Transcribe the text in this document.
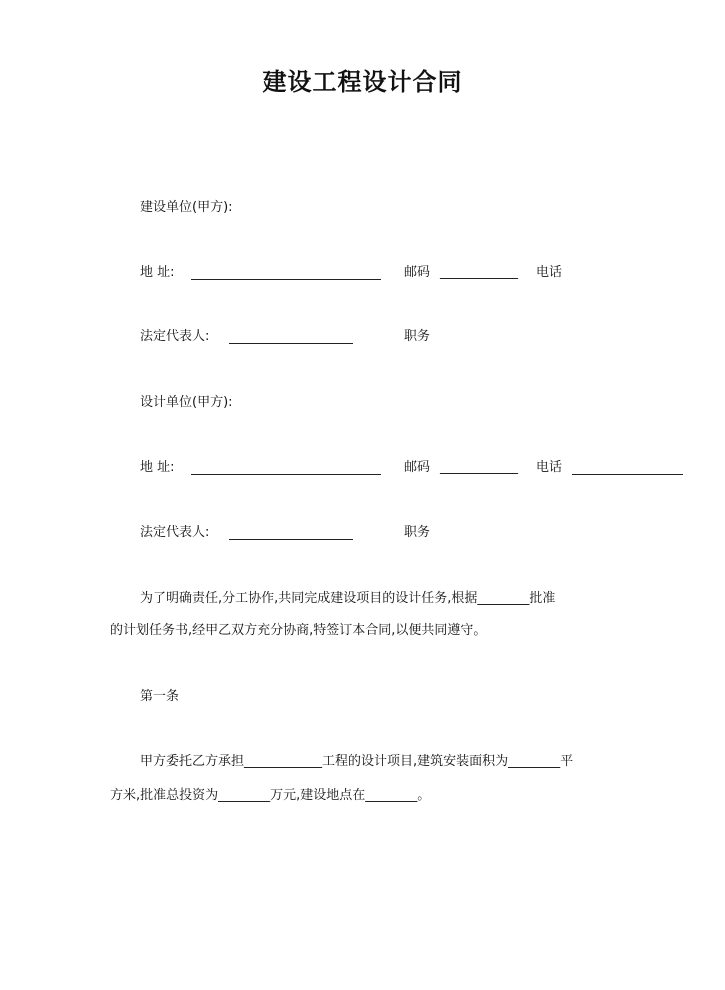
建设工程设计合同
建设单位(甲方):
地 址:	邮码 ____________ 电话
法定代表人:	职务
设计单位(甲方):
地 址:	邮码 ____________ 电话
法定代表人:	职务
为了明确责任,分工协作,共同完成建设项目的设计任务,根据________批准
的计划任务书,经甲乙双方充分协商,特签订本合同,以便共同遵守。
第一条
甲方委托乙方承担____________工程的设计项目,建筑安装面积为________平
方米,批准总投资为________万元,建设地点在________。
